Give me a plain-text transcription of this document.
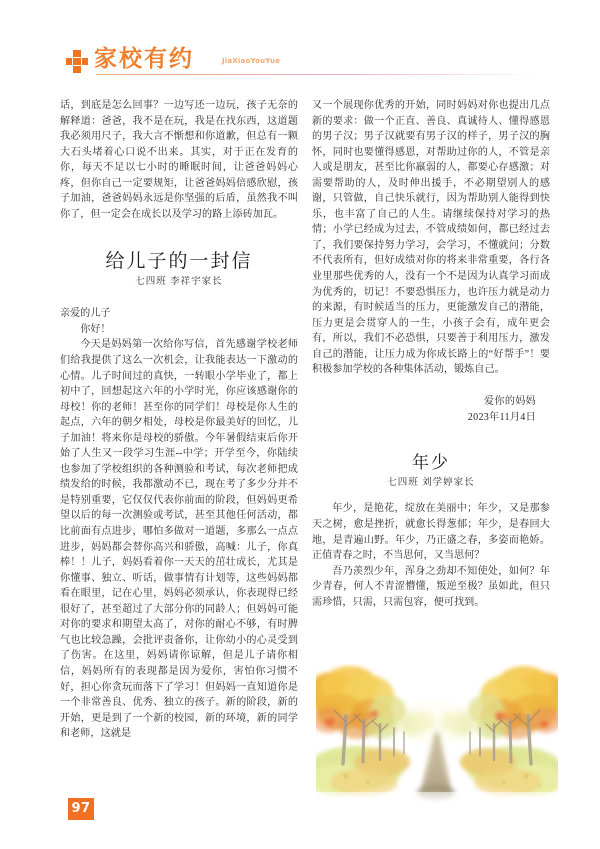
家校有约	JiaXiaoYouYue

话，到底是怎么回事？一边写还一边玩，孩子无奈的解释道：爸爸，我不是在玩，我是在找东西，这道题我必须用尺子，我大言不惭想和你道歉，但总有一颗大石头堵着心口说不出来。其实，对于正在发育的你，每天不足以七小时的睡眠时间，让爸爸妈妈心疼，但你自己一定要规矩，让爸爸妈妈倍感欣慰，孩子加油，爸爸妈妈永远是你坚强的后盾，虽然我不叫你了，但一定会在成长以及学习的路上添砖加瓦。

给儿子的一封信

七四班 李祥宇家长

亲爱的儿子

你好！

今天是妈妈第一次给你写信，首先感谢学校老师们给我提供了这么一次机会，让我能表达一下激动的心情。儿子时间过的真快，一转眼小学毕业了，都上初中了，回想起这六年的小学时光，你应该感谢你的母校！你的老师！甚至你的同学们！母校是你人生的起点，六年的朝夕相处，母校是你最美好的回忆，儿子加油！将来你是母校的骄傲。今年暑假结束后你开始了人生又一段学习生涯--中学；开学至今，你陆续也参加了学校组织的各种测验和考试，每次老师把成绩发给的时候，我都激动不已，现在考了多少分并不是特别重要，它仅仅代表你前面的阶段，但妈妈更希望以后的每一次测验或考试，甚至其他任何活动，都比前面有点进步，哪怕多做对一道题，多那么一点点进步，妈妈都会替你高兴和骄傲，高喊：儿子，你真棒！！儿子，妈妈看着你一天天的茁壮成长，尤其是你懂事、独立、听话，做事情有计划等，这些妈妈都看在眼里，记在心里，妈妈必须承认，你表现得已经很好了，甚至超过了大部分你的同龄人；但妈妈可能对你的要求和期望太高了，对你的耐心不够，有时脾气也比较急躁，会批评责备你，让你幼小的心灵受到了伤害。在这里，妈妈请你谅解，但是儿子请你相信，妈妈所有的表现都是因为爱你，害怕你习惯不好，担心你贪玩而落下了学习！但妈妈一直知道你是一个非常善良、优秀、独立的孩子。新的阶段，新的开始，更是到了一个新的校园，新的环境，新的同学和老师，这就是

又一个展现你优秀的开始，同时妈妈对你也提出几点新的要求：做一个正直、善良、真诚待人、懂得感恩的男子汉；男子汉就要有男子汉的样子，男子汉的胸怀，同时也要懂得感恩，对帮助过你的人，不管是亲人或是朋友，甚至比你羸弱的人，都要心存感激；对需要帮助的人，及时伸出援手，不必期望别人的感谢，只管做，自己快乐就行，因为帮助别人能得到快乐，也丰富了自己的人生。请继续保持对学习的热情；小学已经成为过去，不管成绩如何，都已经过去了，我们要保持努力学习，会学习，不懂就问；分数不代表所有，但好成绩对你的将来非常重要，各行各业里那些优秀的人，没有一个不是因为认真学习而成为优秀的，切记！不要恐惧压力，也许压力就是动力的来源，有时候适当的压力，更能激发自己的潜能，压力更是会贯穿人的一生，小孩子会有，成年更会有，所以，我们不必恐惧，只要善于利用压力，激发自己的潜能，让压力成为你成长路上的“好帮手”！要积极参加学校的各种集体活动，锻炼自己。

爱你的妈妈

2023年11月4日

年少

七四班 刘学婷家长

年少，是艳花，绽放在美丽中；年少，又是那参天之树，愈是挫折，就愈长得葱郁；年少，是春回大地，是青遍山野。年少，乃正盛之春，多姿而艳娇。正值青春之时，不当思何，又当思何？

吾乃羡烈少年，浑身之劲却不知使处，如何？年少青春，何人不青涩懵懂，叛逆至极？虽如此，但只需珍惜，只需，只需包容，便可找到。

97
